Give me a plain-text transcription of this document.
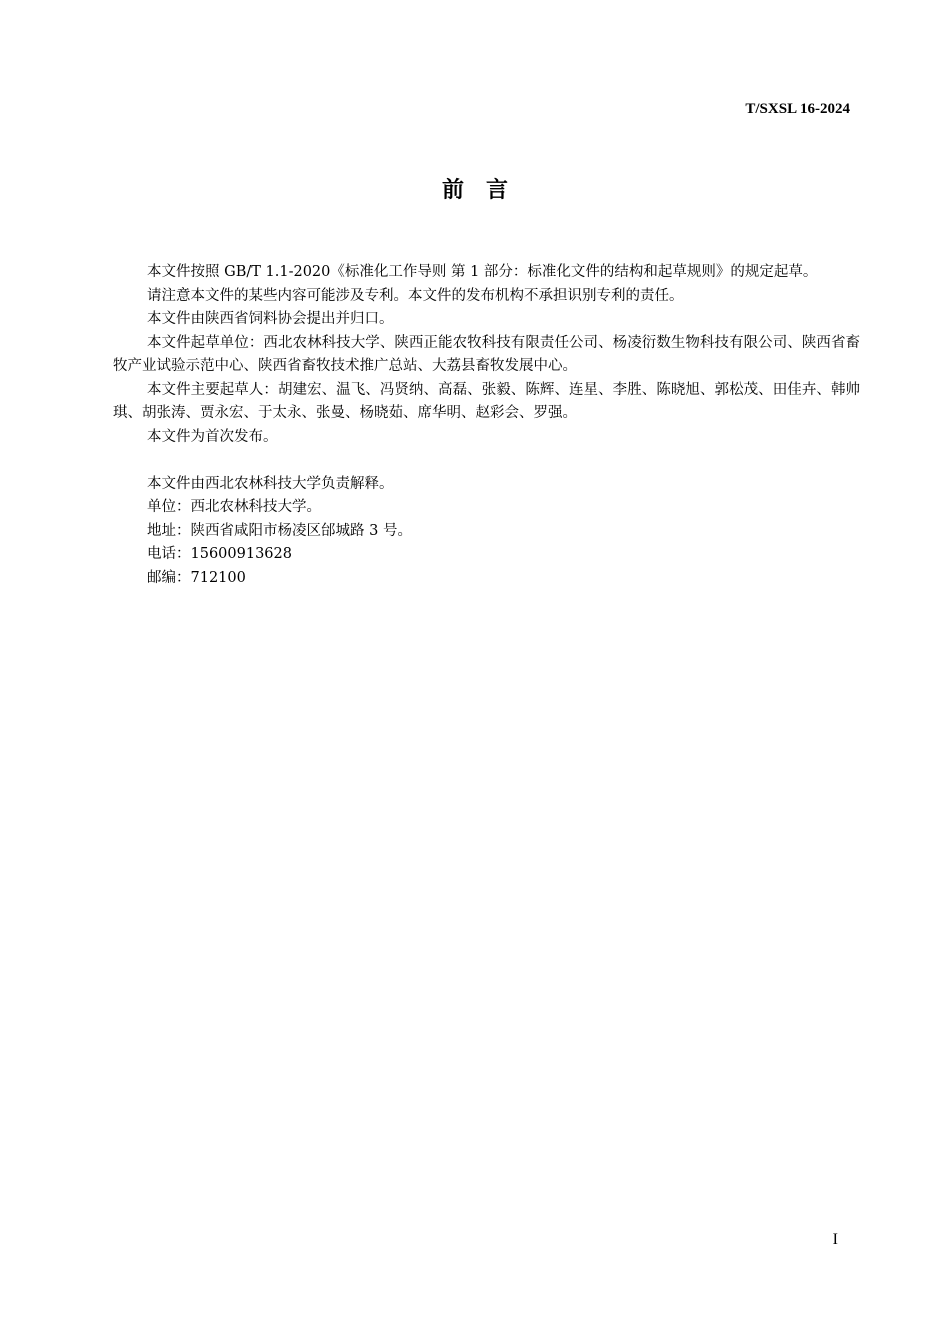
T/SXSL 16-2024
前言

本文件按照 GB/T 1.1-2020《标准化工作导则 第 1 部分：标准化文件的结构和起草规则》的规定起草。

请注意本文件的某些内容可能涉及专利。本文件的发布机构不承担识别专利的责任。

本文件由陕西省饲料协会提出并归口。

本文件起草单位：西北农林科技大学、陕西正能农牧科技有限责任公司、杨凌衍数生物科技有限公司、陕西省畜牧产业试验示范中心、陕西省畜牧技术推广总站、大荔县畜牧发展中心。

本文件主要起草人：胡建宏、温飞、冯贤纳、高磊、张毅、陈辉、连星、李胜、陈晓旭、郭松茂、田佳卉、韩帅琪、胡张涛、贾永宏、于太永、张曼、杨晓茹、席华明、赵彩会、罗强。

本文件为首次发布。

本文件由西北农林科技大学负责解释。

单位：西北农林科技大学。

地址：陕西省咸阳市杨凌区邰城路 3 号。

电话：15600913628

邮编：712100

I
